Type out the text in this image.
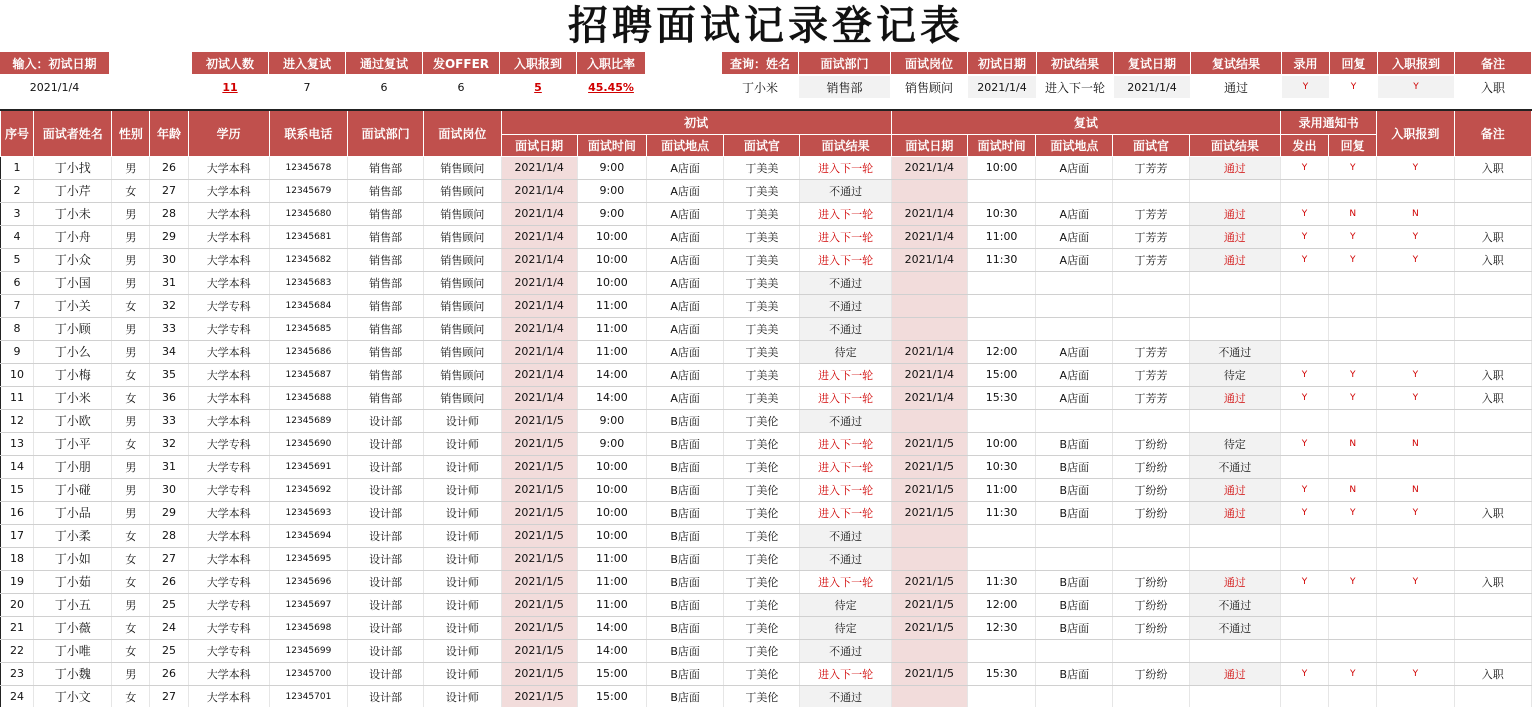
招聘面试记录登记表
输入：初试日期
2021/1/4
初试人数	进入复试	通过复试	发OFFER	入职报到	入职比率
11	7	6	6	5	45.45%
查询：姓名	面试部门	面试岗位	初试日期	初试结果	复试日期	复试结果	录用	回复	入职报到	备注
丁小米	销售部	销售顾问	2021/1/4	进入下一轮	2021/1/4	通过	Y	Y	Y	入职
序号	面试者姓名	性别	年龄	学历	联系电话	面试部门	面试岗位	初试					复试					录用通知书		入职报到	备注
								面试日期	面试时间	面试地点	面试官	面试结果	面试日期	面试时间	面试地点	面试官	面试结果	发出	回复		
1	丁小找	男	26	大学本科	12345678	销售部	销售顾问	2021/1/4	9:00	A店面	丁美美	进入下一轮	2021/1/4	10:00	A店面	丁芳芳	通过	Y	Y	Y	入职
2	丁小芹	女	27	大学本科	12345679	销售部	销售顾问	2021/1/4	9:00	A店面	丁美美	不通过									
3	丁小未	男	28	大学本科	12345680	销售部	销售顾问	2021/1/4	9:00	A店面	丁美美	进入下一轮	2021/1/4	10:30	A店面	丁芳芳	通过	Y	N	N	
4	丁小舟	男	29	大学本科	12345681	销售部	销售顾问	2021/1/4	10:00	A店面	丁美美	进入下一轮	2021/1/4	11:00	A店面	丁芳芳	通过	Y	Y	Y	入职
5	丁小众	男	30	大学本科	12345682	销售部	销售顾问	2021/1/4	10:00	A店面	丁美美	进入下一轮	2021/1/4	11:30	A店面	丁芳芳	通过	Y	Y	Y	入职
6	丁小国	男	31	大学本科	12345683	销售部	销售顾问	2021/1/4	10:00	A店面	丁美美	不通过									
7	丁小关	女	32	大学专科	12345684	销售部	销售顾问	2021/1/4	11:00	A店面	丁美美	不通过									
8	丁小顾	男	33	大学专科	12345685	销售部	销售顾问	2021/1/4	11:00	A店面	丁美美	不通过									
9	丁小么	男	34	大学本科	12345686	销售部	销售顾问	2021/1/4	11:00	A店面	丁美美	待定	2021/1/4	12:00	A店面	丁芳芳	不通过				
10	丁小梅	女	35	大学本科	12345687	销售部	销售顾问	2021/1/4	14:00	A店面	丁美美	进入下一轮	2021/1/4	15:00	A店面	丁芳芳	待定	Y	Y	Y	入职
11	丁小米	女	36	大学本科	12345688	销售部	销售顾问	2021/1/4	14:00	A店面	丁美美	进入下一轮	2021/1/4	15:30	A店面	丁芳芳	通过	Y	Y	Y	入职
12	丁小欧	男	33	大学本科	12345689	设计部	设计师	2021/1/5	9:00	B店面	丁美伦	不通过									
13	丁小平	女	32	大学专科	12345690	设计部	设计师	2021/1/5	9:00	B店面	丁美伦	进入下一轮	2021/1/5	10:00	B店面	丁纷纷	待定	Y	N	N	
14	丁小朋	男	31	大学专科	12345691	设计部	设计师	2021/1/5	10:00	B店面	丁美伦	进入下一轮	2021/1/5	10:30	B店面	丁纷纷	不通过				
15	丁小碰	男	30	大学专科	12345692	设计部	设计师	2021/1/5	10:00	B店面	丁美伦	进入下一轮	2021/1/5	11:00	B店面	丁纷纷	通过	Y	N	N	
16	丁小品	男	29	大学本科	12345693	设计部	设计师	2021/1/5	10:00	B店面	丁美伦	进入下一轮	2021/1/5	11:30	B店面	丁纷纷	通过	Y	Y	Y	入职
17	丁小柔	女	28	大学本科	12345694	设计部	设计师	2021/1/5	10:00	B店面	丁美伦	不通过									
18	丁小如	女	27	大学本科	12345695	设计部	设计师	2021/1/5	11:00	B店面	丁美伦	不通过									
19	丁小茹	女	26	大学专科	12345696	设计部	设计师	2021/1/5	11:00	B店面	丁美伦	进入下一轮	2021/1/5	11:30	B店面	丁纷纷	通过	Y	Y	Y	入职
20	丁小五	男	25	大学专科	12345697	设计部	设计师	2021/1/5	11:00	B店面	丁美伦	待定	2021/1/5	12:00	B店面	丁纷纷	不通过				
21	丁小薇	女	24	大学专科	12345698	设计部	设计师	2021/1/5	14:00	B店面	丁美伦	待定	2021/1/5	12:30	B店面	丁纷纷	不通过				
22	丁小唯	女	25	大学专科	12345699	设计部	设计师	2021/1/5	14:00	B店面	丁美伦	不通过									
23	丁小魏	男	26	大学本科	12345700	设计部	设计师	2021/1/5	15:00	B店面	丁美伦	进入下一轮	2021/1/5	15:30	B店面	丁纷纷	通过	Y	Y	Y	入职
24	丁小文	女	27	大学本科	12345701	设计部	设计师	2021/1/5	15:00	B店面	丁美伦	不通过									
